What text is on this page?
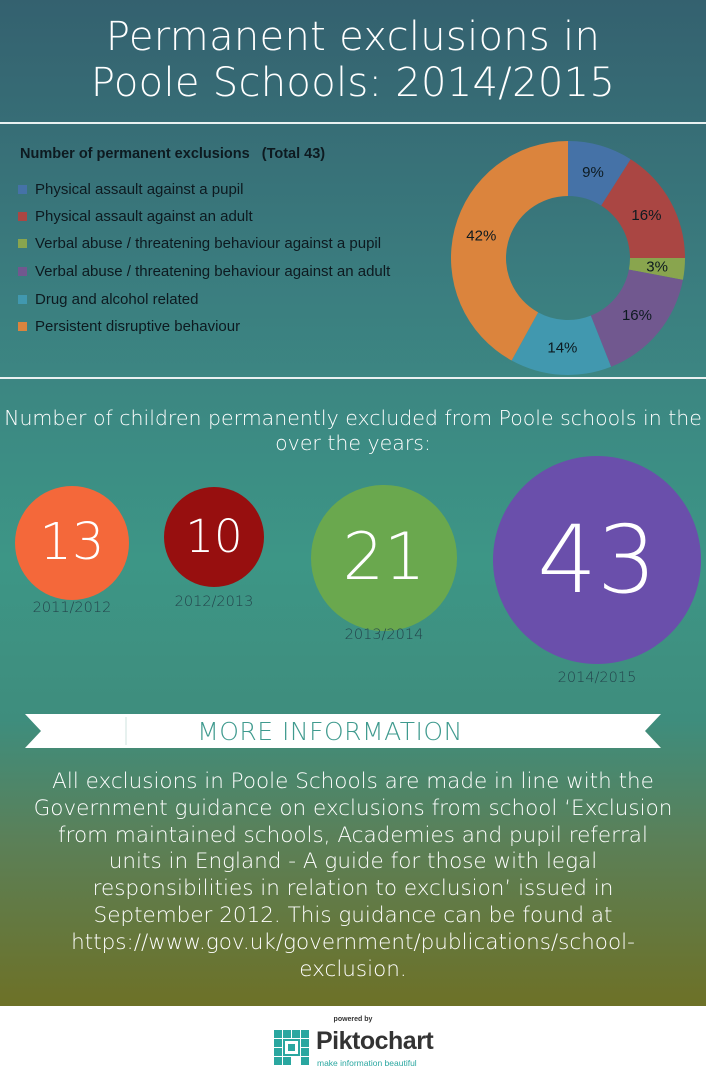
Permanent exclusions in
Poole Schools: 2014/2015
Number of permanent exclusions (Total 43)
Physical assault against a pupil
Physical assault against an adult
Verbal abuse / threatening behaviour against a pupil
Verbal abuse / threatening behaviour against an adult
Drug and alcohol related
Persistent disruptive behaviour
9%
16%
3%
16%
14%
42%
Number of children permanently excluded from Poole schools in the over the years:
13
2011/2012
10
2012/2013
21
2013/2014
43
2014/2015
MORE INFORMATION
All exclusions in Poole Schools are made in line with the Government guidance on exclusions from school ‘Exclusion from maintained schools, Academies and pupil referral units in England - A guide for those with legal responsibilities in relation to exclusion’ issued in September 2012. This guidance can be found at https://www.gov.uk/government/publications/school-exclusion.
powered by
Piktochart
make information beautiful
